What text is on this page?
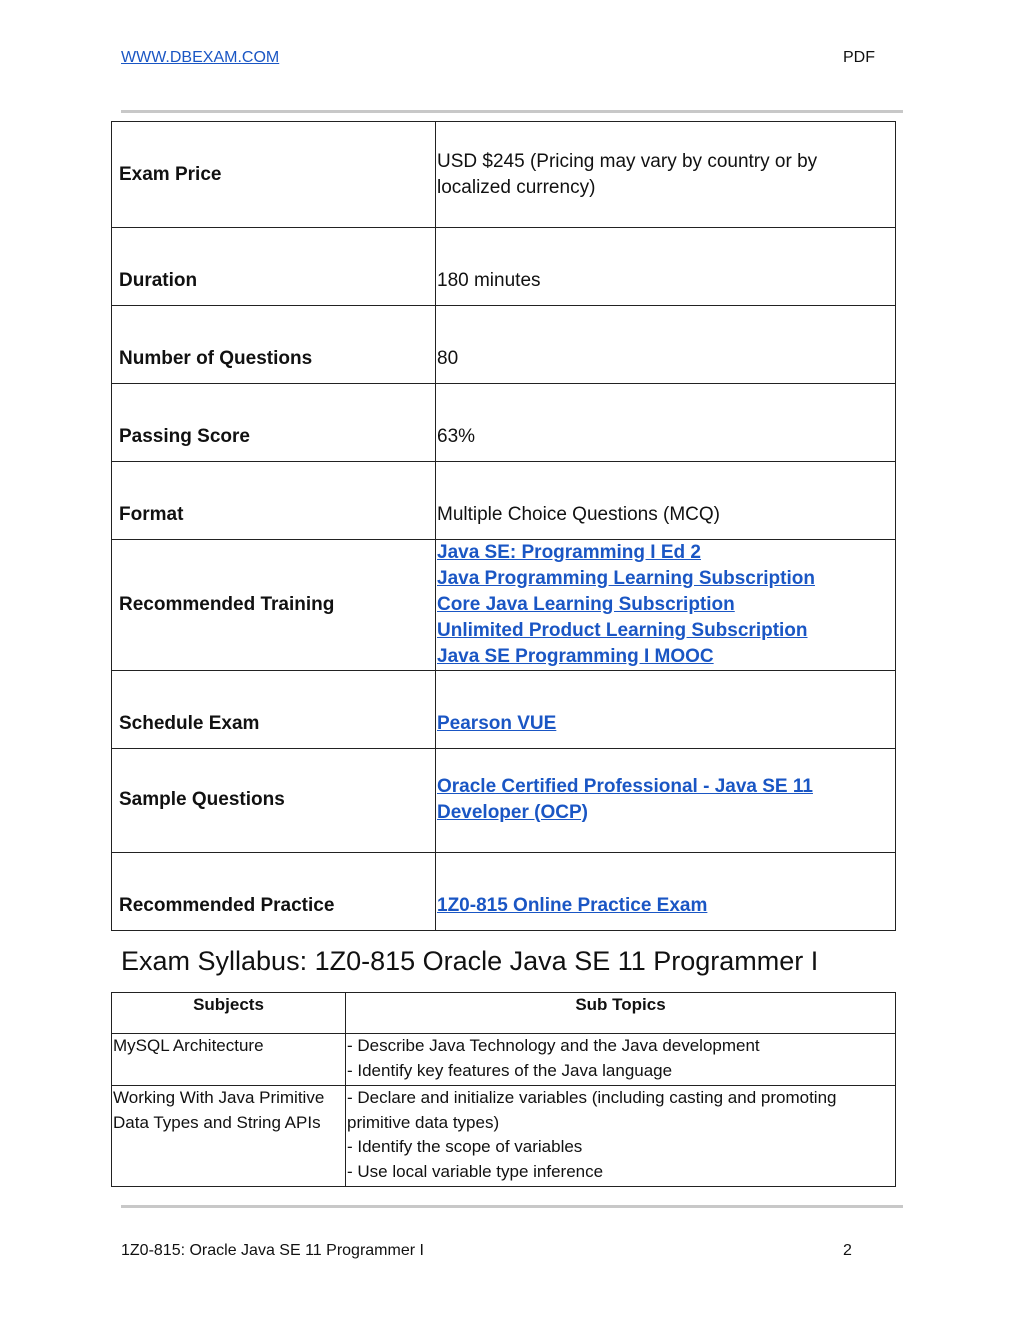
WWW.DBEXAM.COM	PDF
Exam Price	USD $245 (Pricing may vary by country or by localized currency)
Duration	180 minutes
Number of Questions	80
Passing Score	63%
Format	Multiple Choice Questions (MCQ)
Recommended Training	Java SE: Programming I Ed 2
Java Programming Learning Subscription
Core Java Learning Subscription
Unlimited Product Learning Subscription
Java SE Programming I MOOC

Schedule Exam	Pearson VUE
Sample Questions	Oracle Certified Professional - Java SE 11 Developer (OCP)
Recommended Practice	1Z0-815 Online Practice Exam
Exam Syllabus: 1Z0-815 Oracle Java SE 11 Programmer I
Subjects	Sub Topics
MySQL Architecture	- Describe Java Technology and the Java development
- Identify key features of the Java language

Working With Java Primitive Data Types and String APIs	- Declare and initialize variables (including casting and promoting primitive data types)
- Identify the scope of variables
- Use local variable type inference
1Z0-815: Oracle Java SE 11 Programmer I	2
